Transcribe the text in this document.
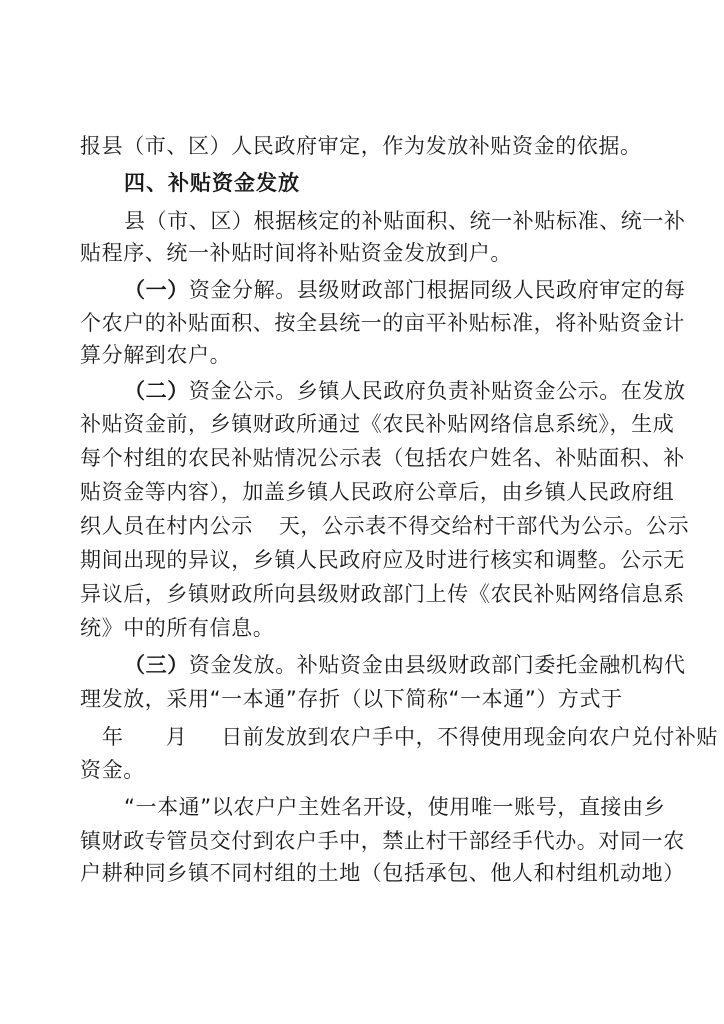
报县（市、区）人民政府审定，作为发放补贴资金的依据。
四、补贴资金发放
县（市、区）根据核定的补贴面积、统一补贴标准、统一补
贴程序、统一补贴时间将补贴资金发放到户。
（一）资金分解。县级财政部门根据同级人民政府审定的每
个农户的补贴面积、按全县统一的亩平补贴标准，将补贴资金计
算分解到农户。
（二）资金公示。乡镇人民政府负责补贴资金公示。在发放
补贴资金前，乡镇财政所通过《农民补贴网络信息系统》，生成
每个村组的农民补贴情况公示表（包括农户姓名、补贴面积、补
贴资金等内容），加盖乡镇人民政府公章后，由乡镇人民政府组
织人员在村内公示 天，公示表不得交给村干部代为公示。公示
期间出现的异议，乡镇人民政府应及时进行核实和调整。公示无
异议后，乡镇财政所向县级财政部门上传《农民补贴网络信息系
统》中的所有信息。
（三）资金发放。补贴资金由县级财政部门委托金融机构代
理发放，采用“一本通”存折（以下简称“一本通”）方式于
年 月 日前发放到农户手中，不得使用现金向农户兑付补贴
资金。
“一本通”以农户户主姓名开设，使用唯一账号，直接由乡
镇财政专管员交付到农户手中，禁止村干部经手代办。对同一农
户耕种同乡镇不同村组的土地（包括承包、他人和村组机动地）
